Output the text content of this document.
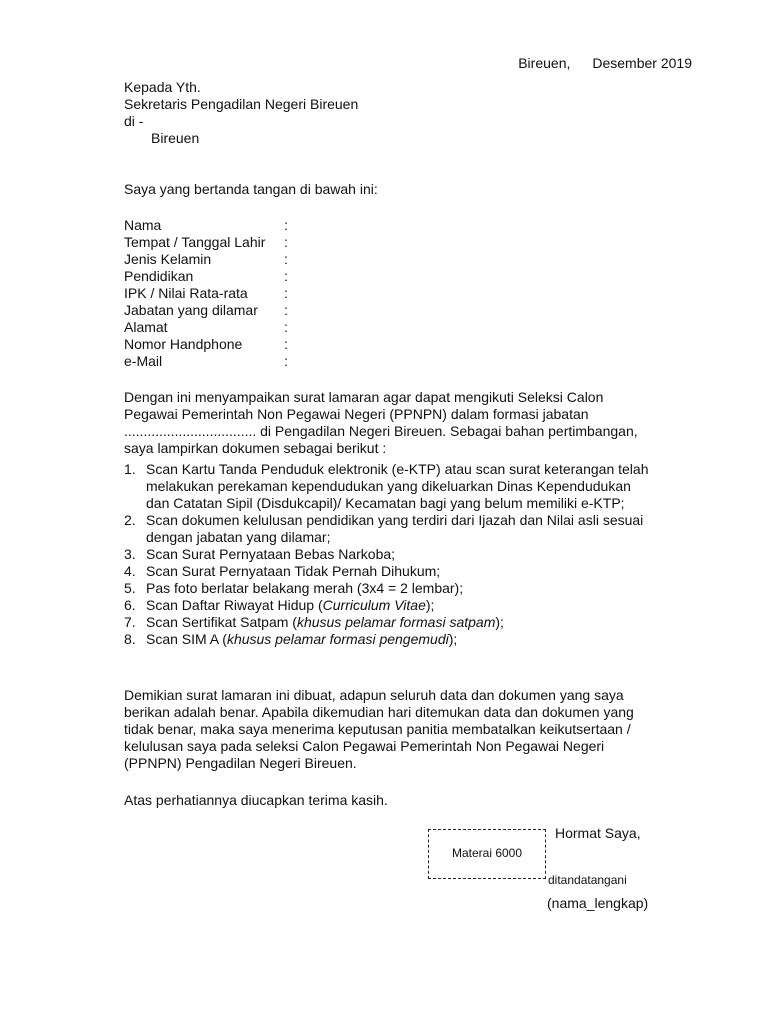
Bireuen, Desember 2019
Kepada Yth.
Sekretaris Pengadilan Negeri Bireuen
di -
Bireuen
Saya yang bertanda tangan di bawah ini:
Nama	:
Tempat / Tanggal Lahir	:
Jenis Kelamin	:
Pendidikan	:
IPK / Nilai Rata-rata	:
Jabatan yang dilamar	:
Alamat	:
Nomor Handphone	:
e-Mail	:
Dengan ini menyampaikan surat lamaran agar dapat mengikuti Seleksi Calon
Pegawai Pemerintah Non Pegawai Negeri (PPNPN) dalam formasi jabatan
.................................. di Pengadilan Negeri Bireuen. Sebagai bahan pertimbangan,
saya lampirkan dokumen sebagai berikut :
1. Scan Kartu Tanda Penduduk elektronik (e-KTP) atau scan surat keterangan telah
melakukan perekaman kependudukan yang dikeluarkan Dinas Kependudukan
dan Catatan Sipil (Disdukcapil)/ Kecamatan bagi yang belum memiliki e-KTP;
2. Scan dokumen kelulusan pendidikan yang terdiri dari Ijazah dan Nilai asli sesuai
dengan jabatan yang dilamar;
3. Scan Surat Pernyataan Bebas Narkoba;
4. Scan Surat Pernyataan Tidak Pernah Dihukum;
5. Pas foto berlatar belakang merah (3x4 = 2 lembar);
6. Scan Daftar Riwayat Hidup (Curriculum Vitae);
7. Scan Sertifikat Satpam (khusus pelamar formasi satpam);
8. Scan SIM A (khusus pelamar formasi pengemudi);
Demikian surat lamaran ini dibuat, adapun seluruh data dan dokumen yang saya
berikan adalah benar. Apabila dikemudian hari ditemukan data dan dokumen yang
tidak benar, maka saya menerima keputusan panitia membatalkan keikutsertaan /
kelulusan saya pada seleksi Calon Pegawai Pemerintah Non Pegawai Negeri
(PPNPN) Pengadilan Negeri Bireuen.
Atas perhatiannya diucapkan terima kasih.
Materai 6000
Hormat Saya,
ditandatangani
(nama_lengkap)
